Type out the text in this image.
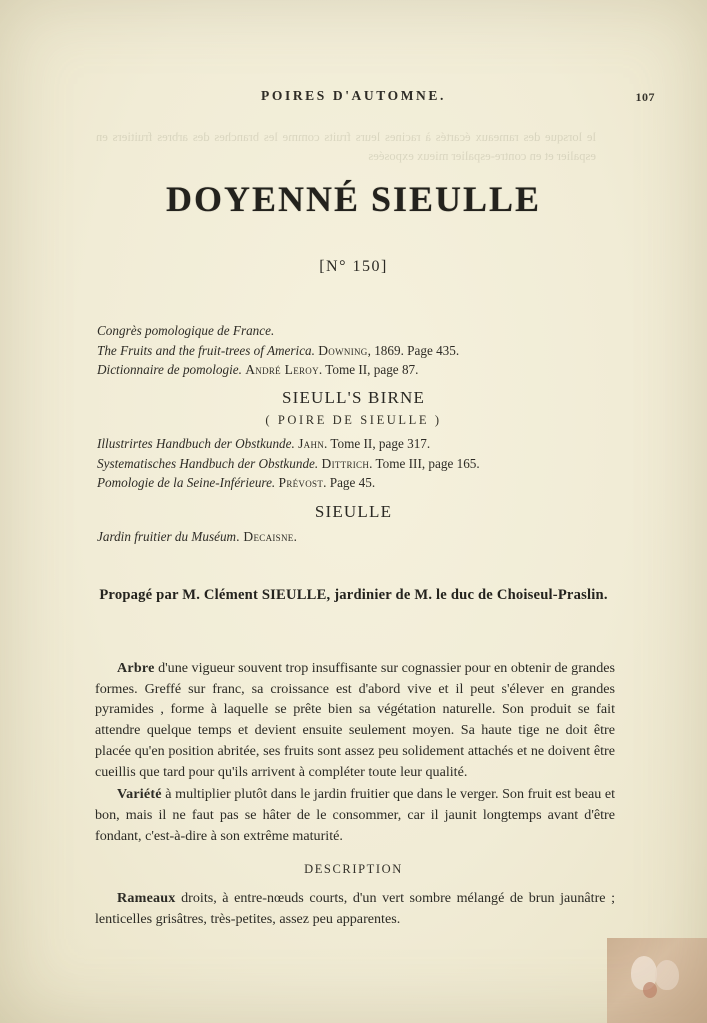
le lorsque des rameaux écartés à racines leurs fruits comme les branches des arbres fruitiers en espalier et en contre-espalier mieux exposées
POIRES D'AUTOMNE.	107
DOYENNÉ SIEULLE
[N° 150]
Congrès pomologique de France.
The Fruits and the fruit-trees of America. Downing, 1869. Page 435.
Dictionnaire de pomologie. André Leroy. Tome II, page 87.
SIEULL'S BIRNE
( POIRE DE SIEULLE )
Illustrirtes Handbuch der Obstkunde. Jahn. Tome II, page 317.
Systematisches Handbuch der Obstkunde. Dittrich. Tome III, page 165.
Pomologie de la Seine-Inférieure. Prévost. Page 45.
SIEULLE
Jardin fruitier du Muséum. Decaisne.
Propagé par M. Clément SIEULLE, jardinier de M. le duc de Choiseul-Praslin.

Arbre d'une vigueur souvent trop insuffisante sur cognassier pour en obtenir de grandes formes. Greffé sur franc, sa croissance est d'abord vive et il peut s'élever en grandes pyramides , forme à laquelle se prête bien sa végétation naturelle. Son produit se fait attendre quelque temps et devient ensuite seulement moyen. Sa haute tige ne doit être placée qu'en position abritée, ses fruits sont assez peu solidement attachés et ne doivent être cueillis que tard pour qu'ils arrivent à compléter toute leur qualité.

Variété à multiplier plutôt dans le jardin fruitier que dans le verger. Son fruit est beau et bon, mais il ne faut pas se hâter de le consommer, car il jaunit longtemps avant d'être fondant, c'est-à-dire à son extrême maturité.

DESCRIPTION

Rameaux droits, à entre-nœuds courts, d'un vert sombre mélangé de brun jaunâtre ; lenticelles grisâtres, très-petites, assez peu apparentes.
